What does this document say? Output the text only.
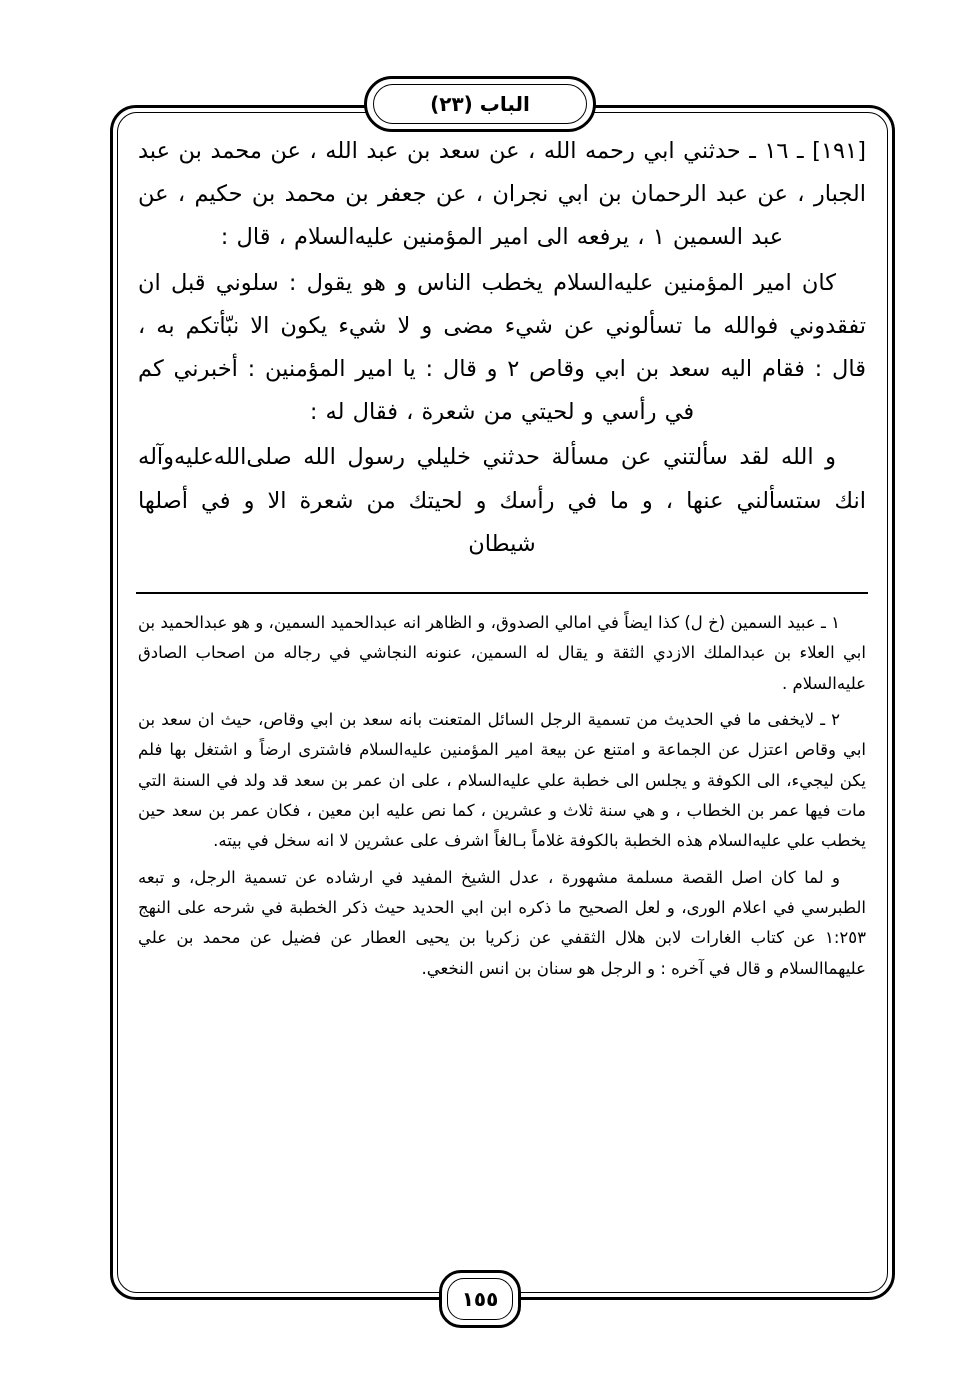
الباب (٢٣)

[١٩١] ـ ١٦ ـ حدثني ابي رحمه الله ، عن سعد بن عبد الله ، عن محمد بن عبد الجبار ، عن عبد الرحمان بن ابي نجران ، عن جعفر بن محمد بن حكيم ، عن عبد السمين ١ ، يرفعه الى امير المؤمنين عليه‌السلام ، قال :

كان امير المؤمنين عليه‌السلام يخطب الناس و هو يقول : سلوني قبل ان تفقدوني فوالله ما تسألوني عن شيء مضى و لا شيء يكون الا نبّأتكم به ، قال : فقام اليه سعد بن ابي وقاص ٢ و قال : يا امير المؤمنين : أخبرني كم في رأسي و لحيتي من شعرة ، فقال له :

و الله لقد سألتني عن مسألة حدثني خليلي رسول الله صلى‌الله‌عليه‌وآله انك ستسألني عنها ، و ما في رأسك و لحيتك من شعرة الا و في أصلها شيطان

١ ـ عبيد السمين (خ ل) كذا ايضاً في امالي الصدوق، و الظاهر انه عبدالحميد السمين، و هو عبدالحميد بن ابي العلاء بن عبدالملك الازدي الثقة و يقال له السمين، عنونه النجاشي في رجاله من اصحاب الصادق عليه‌السلام .

٢ ـ لايخفى ما في الحديث من تسمية الرجل السائل المتعنت بانه سعد بن ابي وقاص، حيث ان سعد بن ابي وقاص اعتزل عن الجماعة و امتنع عن بيعة امير المؤمنين عليه‌السلام فاشترى ارضاً و اشتغل بها فلم يكن ليجيء، الى الكوفة و يجلس الى خطبة علي عليه‌السلام ، على ان عمر بن سعد قد ولد في السنة التي مات فيها عمر بن الخطاب ، و هي سنة ثلاث و عشرين ، كما نص عليه ابن معين ، فكان عمر بن سعد حين يخطب علي عليه‌السلام هذه الخطبة بالكوفة غلاماً بـالغاً اشرف على عشرين لا انه سخل في بيته.

و لما كان اصل القصة مسلمة مشهورة ، عدل الشيخ المفيد في ارشاده عن تسمية الرجل، و تبعه الطبرسي في اعلام الورى، و لعل الصحيح ما ذكره ابن ابي الحديد حيث ذكر الخطبة في شرحه على النهج ١:٢٥٣ عن كتاب الغارات لابن هلال الثقفي عن زكريا بن يحيى العطار عن فضيل عن محمد بن علي عليهما‌السلام و قال في آخره : و الرجل هو سنان بن انس النخعي.

١٥٥
